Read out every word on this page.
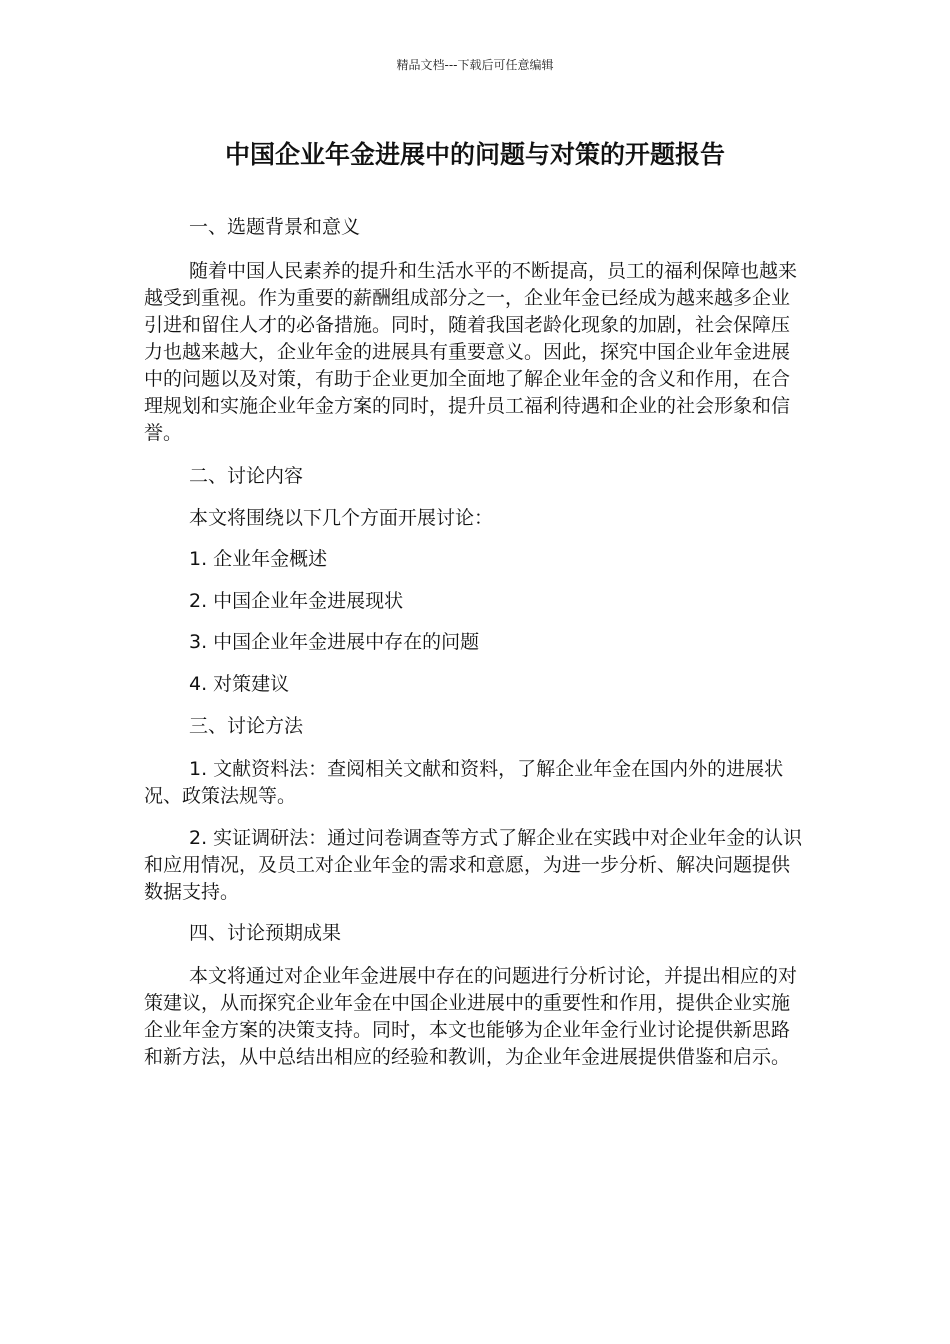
精品文档---下载后可任意编辑
中国企业年金进展中的问题与对策的开题报告

一、选题背景和意义

随着中国人民素养的提升和生活水平的不断提高，员工的福利保障也越来越受到重视。作为重要的薪酬组成部分之一，企业年金已经成为越来越多企业引进和留住人才的必备措施。同时，随着我国老龄化现象的加剧，社会保障压力也越来越大，企业年金的进展具有重要意义。因此，探究中国企业年金进展中的问题以及对策，有助于企业更加全面地了解企业年金的含义和作用，在合理规划和实施企业年金方案的同时，提升员工福利待遇和企业的社会形象和信誉。

二、讨论内容

本文将围绕以下几个方面开展讨论：

1. 企业年金概述

2. 中国企业年金进展现状

3. 中国企业年金进展中存在的问题

4. 对策建议

三、讨论方法

1. 文献资料法：查阅相关文献和资料，了解企业年金在国内外的进展状况、政策法规等。

2. 实证调研法：通过问卷调查等方式了解企业在实践中对企业年金的认识和应用情况，及员工对企业年金的需求和意愿，为进一步分析、解决问题提供数据支持。

四、讨论预期成果

本文将通过对企业年金进展中存在的问题进行分析讨论，并提出相应的对策建议，从而探究企业年金在中国企业进展中的重要性和作用，提供企业实施企业年金方案的决策支持。同时，本文也能够为企业年金行业讨论提供新思路和新方法，从中总结出相应的经验和教训，为企业年金进展提供借鉴和启示。
